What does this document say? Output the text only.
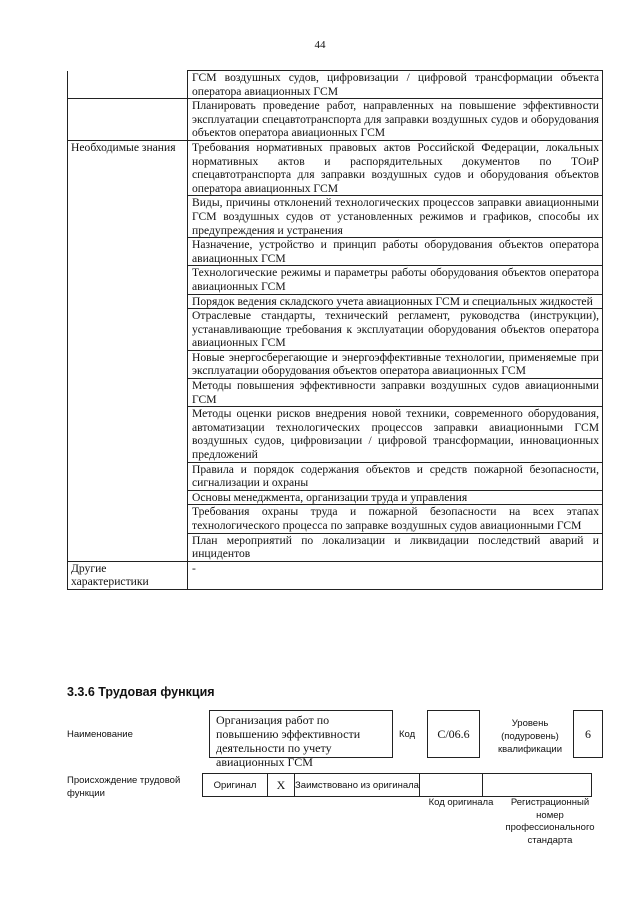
44
	ГСМ воздушных судов, цифровизации / цифровой трансформации объекта оператора авиационных ГСМ
	Планировать проведение работ, направленных на повышение эффективности эксплуатации спецавтотранспорта для заправки воздушных судов и оборудования объектов оператора авиационных ГСМ
Необходимые знания	Требования нормативных правовых актов Российской Федерации, локальных нормативных актов и распорядительных документов по ТОиР спецавтотранспорта для заправки воздушных судов и оборудования объектов оператора авиационных ГСМ
	Виды, причины отклонений технологических процессов заправки авиационными ГСМ воздушных судов от установленных режимов и графиков, способы их предупреждения и устранения
	Назначение, устройство и принцип работы оборудования объектов оператора авиационных ГСМ
	Технологические режимы и параметры работы оборудования объектов оператора авиационных ГСМ
	Порядок ведения складского учета авиационных ГСМ и специальных жидкостей
	Отраслевые стандарты, технический регламент, руководства (инструкции), устанавливающие требования к эксплуатации оборудования объектов оператора авиационных ГСМ
	Новые энергосберегающие и энергоэффективные технологии, применяемые при эксплуатации оборудования объектов оператора авиационных ГСМ
	Методы повышения эффективности заправки воздушных судов авиационными ГСМ
	Методы оценки рисков внедрения новой техники, современного оборудования, автоматизации технологических процессов заправки авиационными ГСМ воздушных судов, цифровизации / цифровой трансформации, инновационных предложений
	Правила и порядок содержания объектов и средств пожарной безопасности, сигнализации и охраны
	Основы менеджмента, организации труда и управления
	Требования охраны труда и пожарной безопасности на всех этапах технологического процесса по заправке воздушных судов авиационными ГСМ
	План мероприятий по локализации и ликвидации последствий аварий и инцидентов
Другие характеристики	-
3.3.6 Трудовая функция
Наименование
Организация работ по повышению эффективности деятельности по учету авиационных ГСМ
Код	C/06.6
Уровень (подуровень) квалификации
6
Происхождение трудовой функции
Оригинал	X	Заимствовано из оригинала		
Код оригинала	Регистрационный номер профессионального стандарта
